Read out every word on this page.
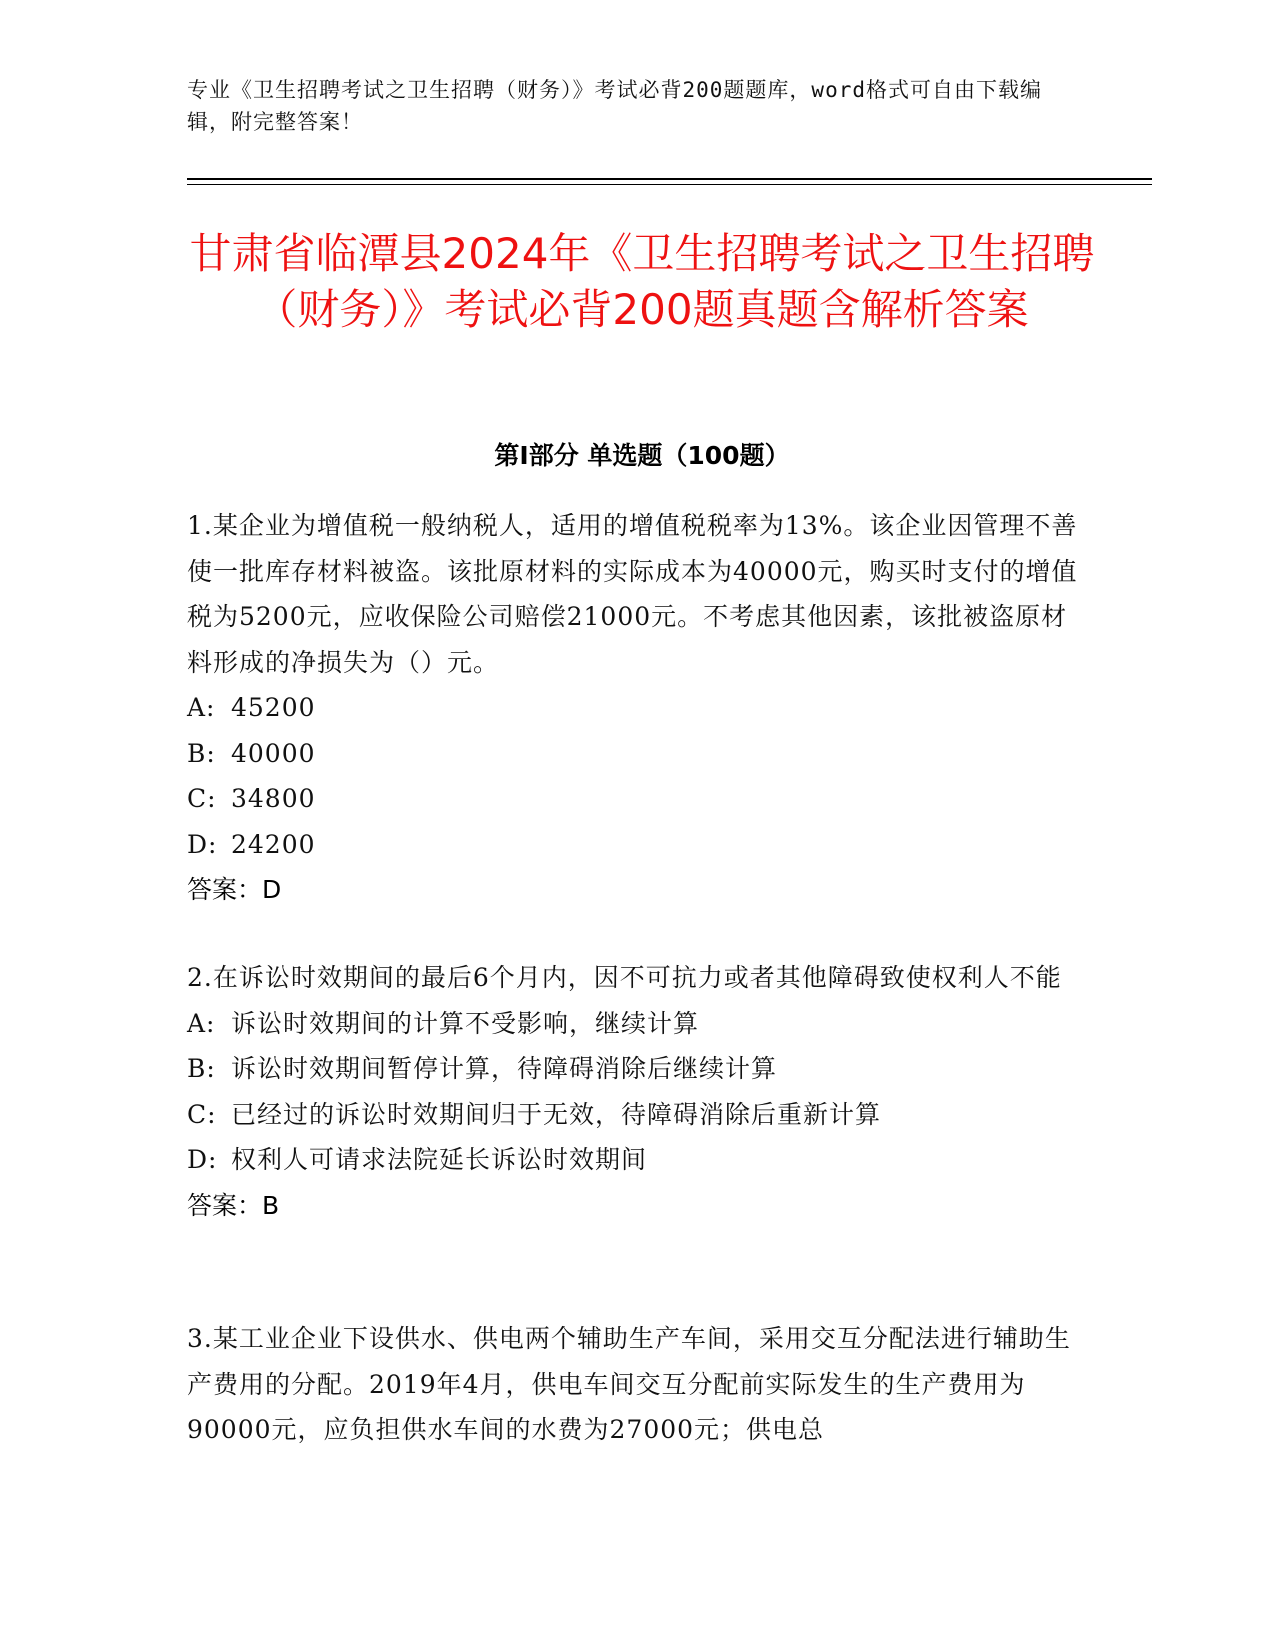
专业《卫生招聘考试之卫生招聘（财务）》考试必背200题题库，word格式可自由下载编辑，附完整答案！
甘肃省临潭县2024年《卫生招聘考试之卫生招聘（财务）》考试必背200题真题含解析答案
第I部分 单选题（100题）

1.某企业为增值税一般纳税人，适用的增值税税率为13%。该企业因管理不善使一批库存材料被盗。该批原材料的实际成本为40000元，购买时支付的增值税为5200元，应收保险公司赔偿21000元。不考虑其他因素，该批被盗原材料形成的净损失为（）元。

A: 45200

B: 40000

C: 34800

D: 24200

答案：D

2.在诉讼时效期间的最后6个月内，因不可抗力或者其他障碍致使权利人不能

A: 诉讼时效期间的计算不受影响，继续计算

B: 诉讼时效期间暂停计算，待障碍消除后继续计算

C: 已经过的诉讼时效期间归于无效，待障碍消除后重新计算

D: 权利人可请求法院延长诉讼时效期间

答案：B

3.某工业企业下设供水、供电两个辅助生产车间，采用交互分配法进行辅助生产费用的分配。2019年4月，供电车间交互分配前实际发生的生产费用为90000元，应负担供水车间的水费为27000元；供电总
